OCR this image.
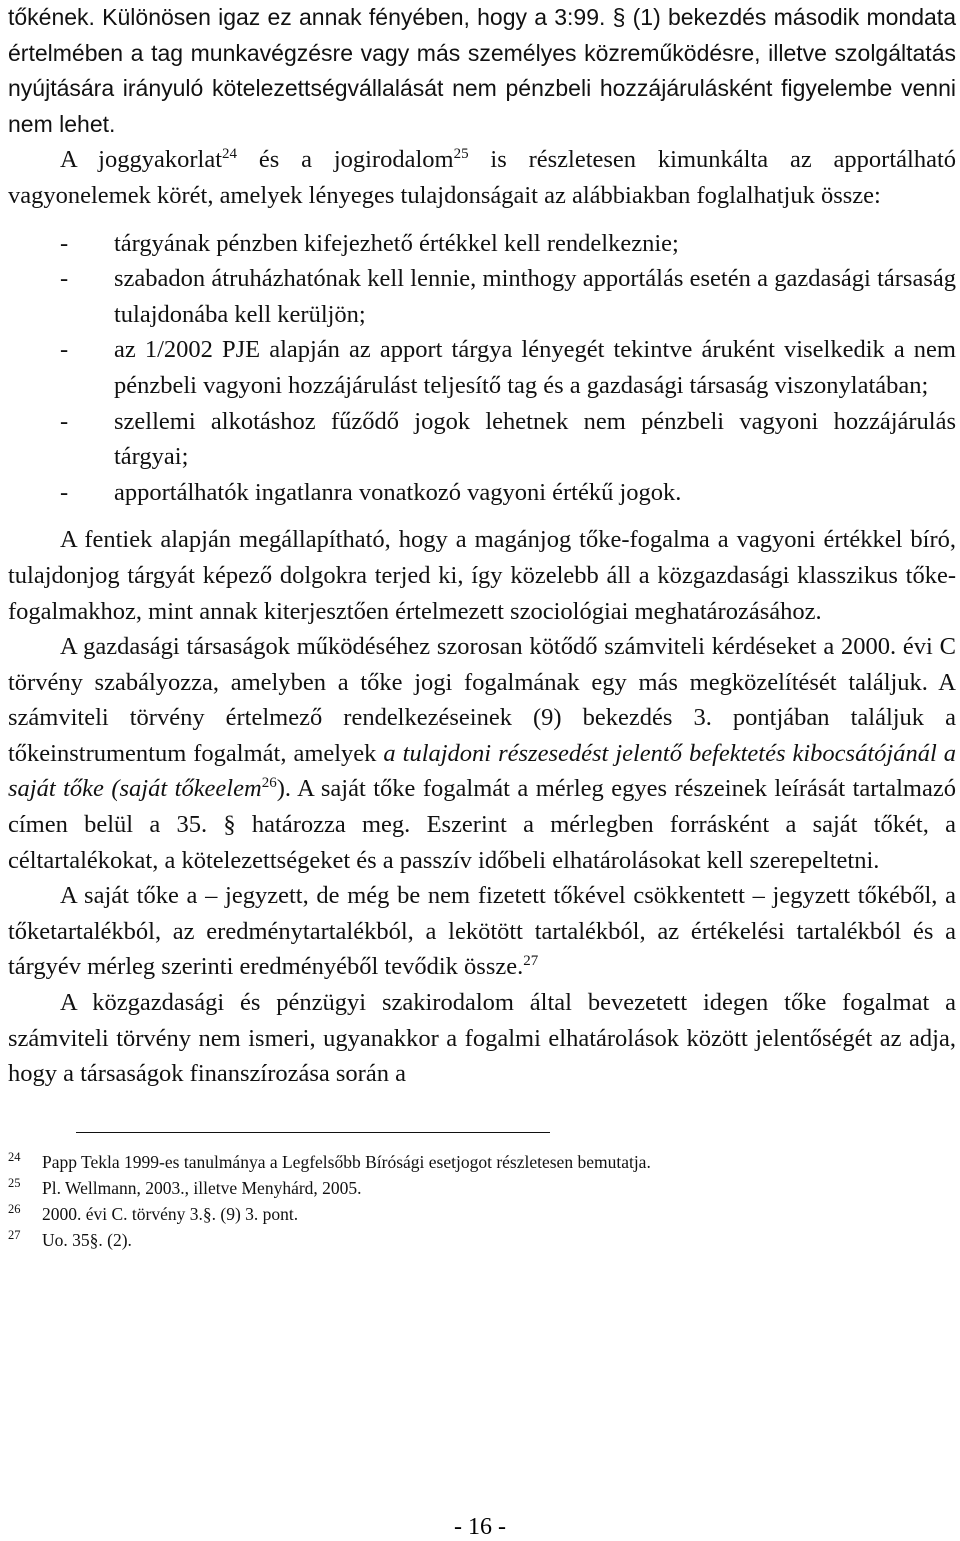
tőkének. Különösen igaz ez annak fényében, hogy a 3:99. § (1) bekezdés második mondata értelmében a tag munkavégzésre vagy más személyes közreműködésre, illetve szolgáltatás nyújtására irányuló kötelezettségvállalását nem pénzbeli hozzájárulásként figyelembe venni nem lehet.

A joggyakorlat$^{24}$ és a jogirodalom$^{25}$ is részletesen kimunkálta az apportálható vagyonelemek körét, amelyek lényeges tulajdonságait az alábbiakban foglalhatjuk össze:

- tárgyának pénzben kifejezhető értékkel kell rendelkeznie;
- szabadon átruházhatónak kell lennie, minthogy apportálás esetén a gazdasági társaság tulajdonába kell kerüljön;
- az 1/2002 PJE alapján az apport tárgya lényegét tekintve áruként viselkedik a nem pénzbeli vagyoni hozzájárulást teljesítő tag és a gazdasági társaság viszonylatában;
- szellemi alkotáshoz fűződő jogok lehetnek nem pénzbeli vagyoni hozzájárulás tárgyai;
- apportálhatók ingatlanra vonatkozó vagyoni értékű jogok.

A fentiek alapján megállapítható, hogy a magánjog tőke-fogalma a vagyoni értékkel bíró, tulajdonjog tárgyát képező dolgokra terjed ki, így közelebb áll a közgazdasági klasszikus tőke-fogalmakhoz, mint annak kiterjesztően értelmezett szociológiai meghatározásához.

A gazdasági társaságok működéséhez szorosan kötődő számviteli kérdéseket a 2000. évi C törvény szabályozza, amelyben a tőke jogi fogalmának egy más megközelítését találjuk. A számviteli törvény értelmező rendelkezéseinek (9) bekezdés 3. pontjában találjuk a tőkeinstrumentum fogalmát, amelyek a tulajdoni részesedést jelentő befektetés kibocsátójánál a saját tőke (saját tőkeelem$^{26}$). A saját tőke fogalmát a mérleg egyes részeinek leírását tartalmazó címen belül a 35. § határozza meg. Eszerint a mérlegben forrásként a saját tőkét, a céltartalékokat, a kötelezettségeket és a passzív időbeli elhatárolásokat kell szerepeltetni.

A saját tőke a – jegyzett, de még be nem fizetett tőkével csökkentett – jegyzett tőkéből, a tőketartalékból, az eredménytartalékból, a lekötött tartalékból, az értékelési tartalékból és a tárgyév mérleg szerinti eredményéből tevődik össze.$^{27}$

A közgazdasági és pénzügyi szakirodalom által bevezetett idegen tőke fogalmat a számviteli törvény nem ismeri, ugyanakkor a fogalmi elhatárolások között jelentőségét az adja, hogy a társaságok finanszírozása során a

24 Papp Tekla 1999-es tanulmánya a Legfelsőbb Bírósági esetjogot részletesen bemutatja.
25 Pl. Wellmann, 2003., illetve Menyhárd, 2005.
26 2000. évi C. törvény 3.§. (9) 3. pont.
27 Uo. 35§. (2).
- 16 -
